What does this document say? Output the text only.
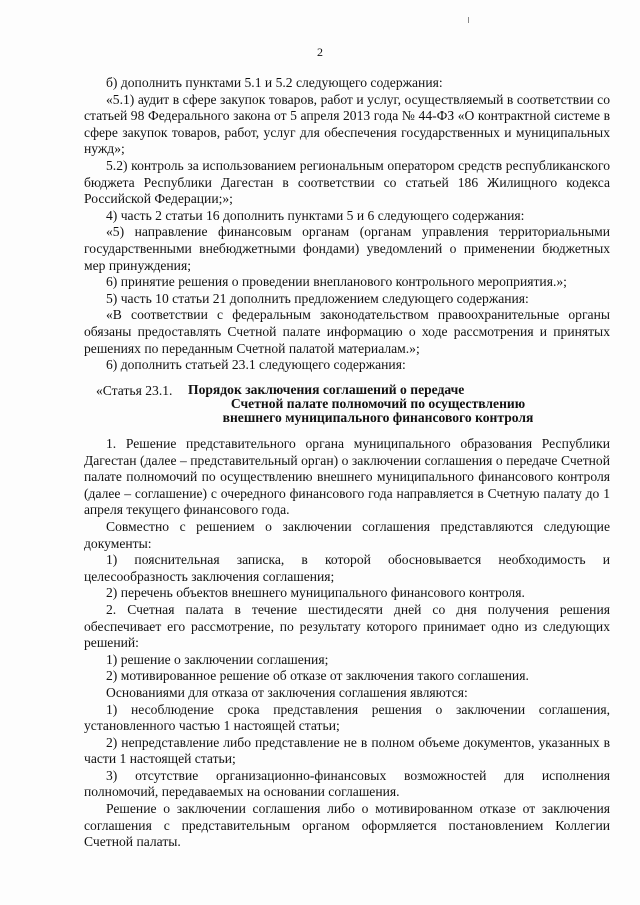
2

б) дополнить пунктами 5.1 и 5.2 следующего содержания:

«5.1) аудит в сфере закупок товаров, работ и услуг, осуществляемый в соответствии со статьей 98 Федерального закона от 5 апреля 2013 года № 44-ФЗ «О контрактной системе в сфере закупок товаров, работ, услуг для обеспечения государственных и муниципальных нужд»;

5.2) контроль за использованием региональным оператором средств республиканского бюджета Республики Дагестан в соответствии со статьей 186 Жилищного кодекса Российской Федерации;»;

4) часть 2 статьи 16 дополнить пунктами 5 и 6 следующего содержания:

«5) направление финансовым органам (органам управления территориальными государственными внебюджетными фондами) уведомлений о применении бюджетных мер принуждения;

6) принятие решения о проведении внепланового контрольного мероприятия.»;

5) часть 10 статьи 21 дополнить предложением следующего содержания:

«В соответствии с федеральным законодательством правоохранительные органы обязаны предоставлять Счетной палате информацию о ходе рассмотрения и принятых решениях по переданным Счетной палатой материалам.»;

6) дополнить статьей 23.1 следующего содержания:

«Статья 23.1. Порядок заключения соглашений о передаче
Счетной палате полномочий по осуществлению
внешнего муниципального финансового контроля

1. Решение представительного органа муниципального образования Республики Дагестан (далее – представительный орган) о заключении соглашения о передаче Счетной палате полномочий по осуществлению внешнего муниципального финансового контроля (далее – соглашение) с очередного финансового года направляется в Счетную палату до 1 апреля текущего финансового года.

Совместно с решением о заключении соглашения представляются следующие документы:

1) пояснительная записка, в которой обосновывается необходимость и целесообразность заключения соглашения;

2) перечень объектов внешнего муниципального финансового контроля.

2. Счетная палата в течение шестидесяти дней со дня получения решения обеспечивает его рассмотрение, по результату которого принимает одно из следующих решений:

1) решение о заключении соглашения;

2) мотивированное решение об отказе от заключения такого соглашения.

Основаниями для отказа от заключения соглашения являются:

1) несоблюдение срока представления решения о заключении соглашения, установленного частью 1 настоящей статьи;

2) непредставление либо представление не в полном объеме документов, указанных в части 1 настоящей статьи;

3) отсутствие организационно-финансовых возможностей для исполнения полномочий, передаваемых на основании соглашения.

Решение о заключении соглашения либо о мотивированном отказе от заключения соглашения с представительным органом оформляется постановлением Коллегии Счетной палаты.
